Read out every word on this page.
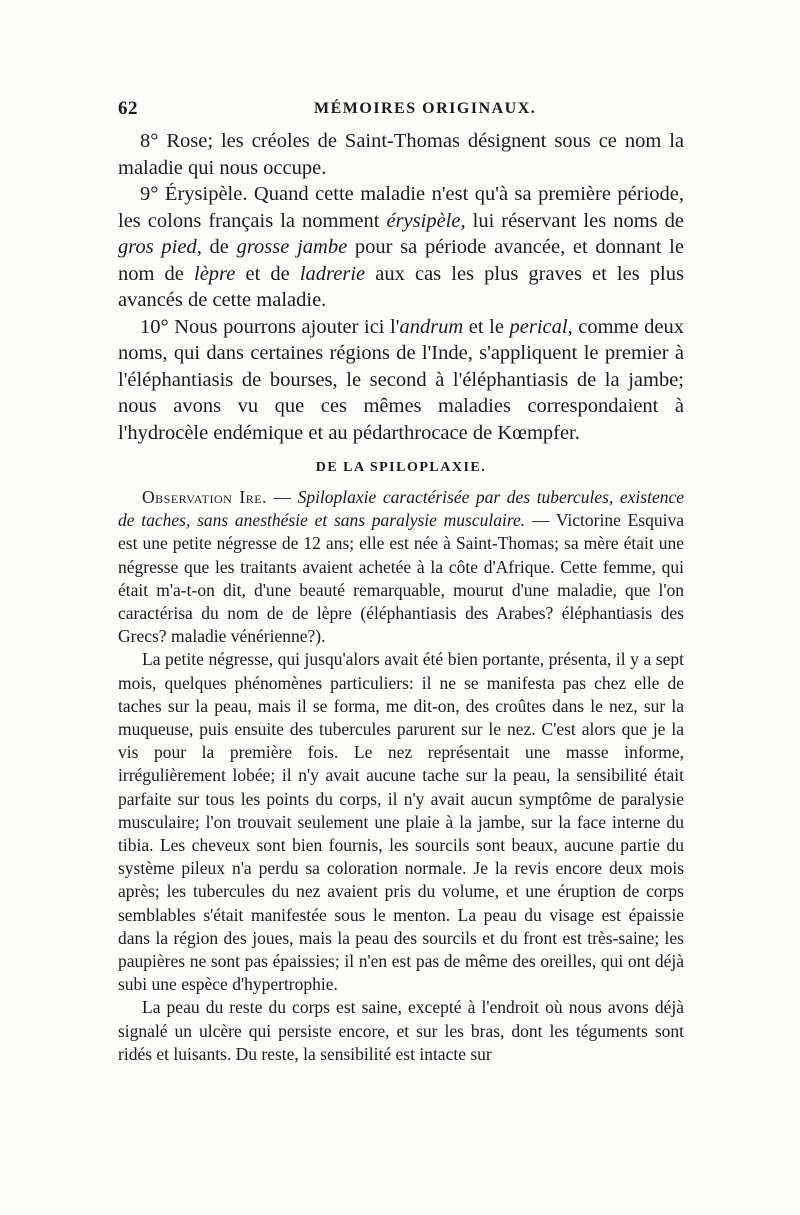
62	MÉMOIRES ORIGINAUX.

8° Rose; les créoles de Saint-Thomas désignent sous ce nom la maladie qui nous occupe.

9° Érysipèle. Quand cette maladie n'est qu'à sa première période, les colons français la nomment érysipèle, lui réservant les noms de gros pied, de grosse jambe pour sa période avancée, et donnant le nom de lèpre et de ladrerie aux cas les plus graves et les plus avancés de cette maladie.

10° Nous pourrons ajouter ici l'andrum et le perical, comme deux noms, qui dans certaines régions de l'Inde, s'appliquent le premier à l'éléphantiasis de bourses, le second à l'éléphantiasis de la jambe; nous avons vu que ces mêmes maladies correspondaient à l'hydrocèle endémique et au pédarthrocace de Kœmpfer.

DE LA SPILOPLAXIE.

Observation Ire. — Spiloplaxie caractérisée par des tubercules, existence de taches, sans anesthésie et sans paralysie musculaire. — Victorine Esquiva est une petite négresse de 12 ans; elle est née à Saint-Thomas; sa mère était une négresse que les traitants avaient achetée à la côte d'Afrique. Cette femme, qui était m'a-t-on dit, d'une beauté remarquable, mourut d'une maladie, que l'on caractérisa du nom de de lèpre (éléphantiasis des Arabes? éléphantiasis des Grecs? maladie vénérienne?).

La petite négresse, qui jusqu'alors avait été bien portante, présenta, il y a sept mois, quelques phénomènes particuliers: il ne se manifesta pas chez elle de taches sur la peau, mais il se forma, me dit-on, des croûtes dans le nez, sur la muqueuse, puis ensuite des tubercules parurent sur le nez. C'est alors que je la vis pour la première fois. Le nez représentait une masse informe, irrégulièrement lobée; il n'y avait aucune tache sur la peau, la sensibilité était parfaite sur tous les points du corps, il n'y avait aucun symptôme de paralysie musculaire; l'on trouvait seulement une plaie à la jambe, sur la face interne du tibia. Les cheveux sont bien fournis, les sourcils sont beaux, aucune partie du système pileux n'a perdu sa coloration normale. Je la revis encore deux mois après; les tubercules du nez avaient pris du volume, et une éruption de corps semblables s'était manifestée sous le menton. La peau du visage est épaissie dans la région des joues, mais la peau des sourcils et du front est très-saine; les paupières ne sont pas épaissies; il n'en est pas de même des oreilles, qui ont déjà subi une espèce d'hypertrophie.

La peau du reste du corps est saine, excepté à l'endroit où nous avons déjà signalé un ulcère qui persiste encore, et sur les bras, dont les téguments sont ridés et luisants. Du reste, la sensibilité est intacte sur
